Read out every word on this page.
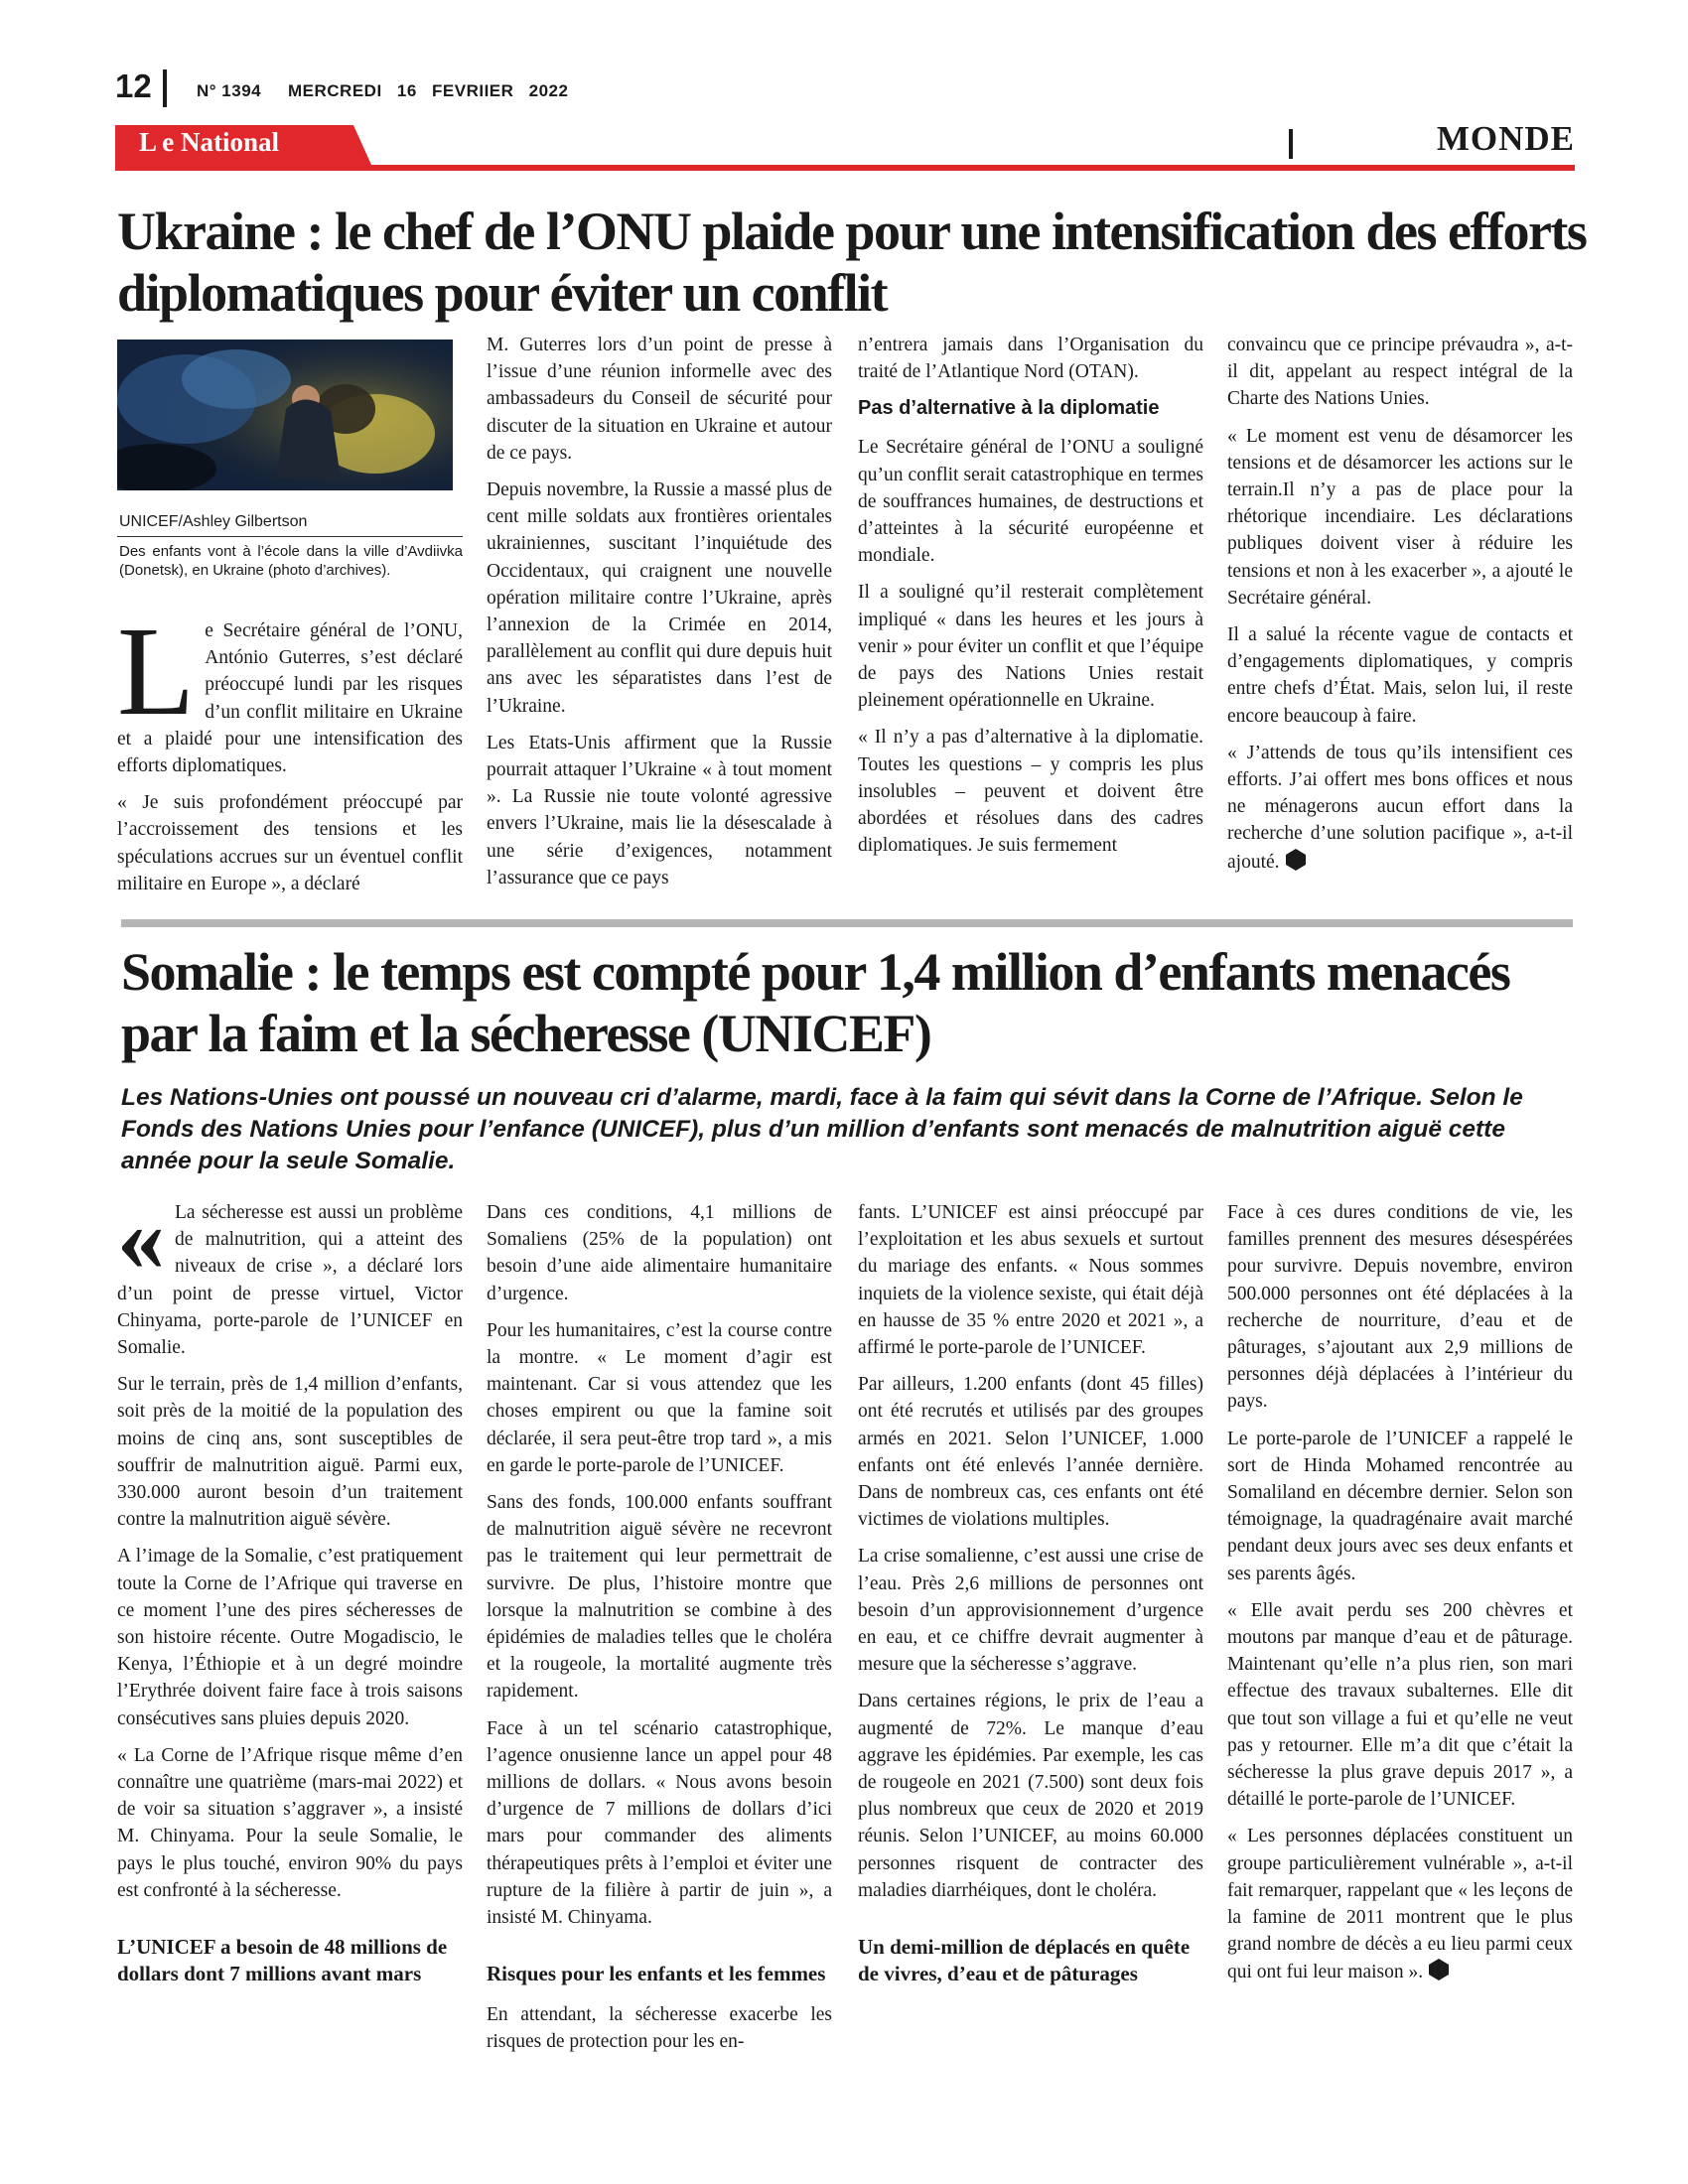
12	N° 1394 MERCREDI 16 FEVRIIER 2022
L e National	MONDE
Ukraine : le chef de l’ONU plaide pour une intensification des efforts diplomatiques pour éviter un conflit
UNICEF/Ashley Gilbertson
Des enfants vont à l’école dans la ville d’Avdiivka (Donetsk), en Ukraine (photo d’archives).

Le Secrétaire général de l’ONU, António Guterres, s’est déclaré préoccupé lundi par les risques d’un conflit militaire en Ukraine et a plaidé pour une intensification des efforts diplomatiques.

« Je suis profondément préoccupé par l’accroissement des tensions et les spéculations accrues sur un éventuel conflit militaire en Europe », a déclaré

M. Guterres lors d’un point de presse à l’issue d’une réunion informelle avec des ambassadeurs du Conseil de sécurité pour discuter de la situation en Ukraine et autour de ce pays.

Depuis novembre, la Russie a massé plus de cent mille soldats aux frontières orientales ukrainiennes, suscitant l’inquiétude des Occidentaux, qui craignent une nouvelle opération militaire contre l’Ukraine, après l’annexion de la Crimée en 2014, parallèlement au conflit qui dure depuis huit ans avec les séparatistes dans l’est de l’Ukraine.

Les Etats-Unis affirment que la Russie pourrait attaquer l’Ukraine « à tout moment ». La Russie nie toute volonté agressive envers l’Ukraine, mais lie la désescalade à une série d’exigences, notamment l’assurance que ce pays

n’entrera jamais dans l’Organisation du traité de l’Atlantique Nord (OTAN).

Pas d’alternative à la diplomatie

Le Secrétaire général de l’ONU a souligné qu’un conflit serait catastrophique en termes de souffrances humaines, de destructions et d’atteintes à la sécurité européenne et mondiale.

Il a souligné qu’il resterait complètement impliqué « dans les heures et les jours à venir » pour éviter un conflit et que l’équipe de pays des Nations Unies restait pleinement opérationnelle en Ukraine.

« Il n’y a pas d’alternative à la diplomatie. Toutes les questions – y compris les plus insolubles – peuvent et doivent être abordées et résolues dans des cadres diplomatiques. Je suis fermement

convaincu que ce principe prévaudra », a-t-il dit, appelant au respect intégral de la Charte des Nations Unies.

« Le moment est venu de désamorcer les tensions et de désamorcer les actions sur le terrain.Il n’y a pas de place pour la rhétorique incendiaire. Les déclarations publiques doivent viser à réduire les tensions et non à les exacerber », a ajouté le Secrétaire général.

Il a salué la récente vague de contacts et d’engagements diplomatiques, y compris entre chefs d’État. Mais, selon lui, il reste encore beaucoup à faire.

« J’attends de tous qu’ils intensifient ces efforts. J’ai offert mes bons offices et nous ne ménagerons aucun effort dans la recherche d’une solution pacifique », a-t-il ajouté.

Somalie : le temps est compté pour 1,4 million d’enfants menacés par la faim et la sécheresse (UNICEF)
Les Nations-Unies ont poussé un nouveau cri d’alarme, mardi, face à la faim qui sévit dans la Corne de l’Afrique. Selon le Fonds des Nations Unies pour l’enfance (UNICEF), plus d’un million d’enfants sont menacés de malnutrition aiguë cette année pour la seule Somalie.

« La sécheresse est aussi un problème de malnutrition, qui a atteint des niveaux de crise », a déclaré lors d’un point de presse virtuel, Victor Chinyama, porte-parole de l’UNICEF en Somalie.

Sur le terrain, près de 1,4 million d’enfants, soit près de la moitié de la population des moins de cinq ans, sont susceptibles de souffrir de malnutrition aiguë. Parmi eux, 330.000 auront besoin d’un traitement contre la malnutrition aiguë sévère.

A l’image de la Somalie, c’est pratiquement toute la Corne de l’Afrique qui traverse en ce moment l’une des pires sécheresses de son histoire récente. Outre Mogadiscio, le Kenya, l’Éthiopie et à un degré moindre l’Erythrée doivent faire face à trois saisons consécutives sans pluies depuis 2020.

« La Corne de l’Afrique risque même d’en connaître une quatrième (mars-mai 2022) et de voir sa situation s’aggraver », a insisté M. Chinyama. Pour la seule Somalie, le pays le plus touché, environ 90% du pays est confronté à la sécheresse.

L’UNICEF a besoin de 48 millions de dollars dont 7 millions avant mars

Dans ces conditions, 4,1 millions de Somaliens (25% de la population) ont besoin d’une aide alimentaire humanitaire d’urgence.

Pour les humanitaires, c’est la course contre la montre. « Le moment d’agir est maintenant. Car si vous attendez que les choses empirent ou que la famine soit déclarée, il sera peut-être trop tard », a mis en garde le porte-parole de l’UNICEF.

Sans des fonds, 100.000 enfants souffrant de malnutrition aiguë sévère ne recevront pas le traitement qui leur permettrait de survivre. De plus, l’histoire montre que lorsque la malnutrition se combine à des épidémies de maladies telles que le choléra et la rougeole, la mortalité augmente très rapidement.

Face à un tel scénario catastrophique, l’agence onusienne lance un appel pour 48 millions de dollars. « Nous avons besoin d’urgence de 7 millions de dollars d’ici mars pour commander des aliments thérapeutiques prêts à l’emploi et éviter une rupture de la filière à partir de juin », a insisté M. Chinyama.

Risques pour les enfants et les femmes

En attendant, la sécheresse exacerbe les risques de protection pour les en-

fants. L’UNICEF est ainsi préoccupé par l’exploitation et les abus sexuels et surtout du mariage des enfants. « Nous sommes inquiets de la violence sexiste, qui était déjà en hausse de 35 % entre 2020 et 2021 », a affirmé le porte-parole de l’UNICEF.

Par ailleurs, 1.200 enfants (dont 45 filles) ont été recrutés et utilisés par des groupes armés en 2021. Selon l’UNICEF, 1.000 enfants ont été enlevés l’année dernière. Dans de nombreux cas, ces enfants ont été victimes de violations multiples.

La crise somalienne, c’est aussi une crise de l’eau. Près 2,6 millions de personnes ont besoin d’un approvisionnement d’urgence en eau, et ce chiffre devrait augmenter à mesure que la sécheresse s’aggrave.

Dans certaines régions, le prix de l’eau a augmenté de 72%. Le manque d’eau aggrave les épidémies. Par exemple, les cas de rougeole en 2021 (7.500) sont deux fois plus nombreux que ceux de 2020 et 2019 réunis. Selon l’UNICEF, au moins 60.000 personnes risquent de contracter des maladies diarrhéiques, dont le choléra.

Un demi-million de déplacés en quête de vivres, d’eau et de pâturages

Face à ces dures conditions de vie, les familles prennent des mesures désespérées pour survivre. Depuis novembre, environ 500.000 personnes ont été déplacées à la recherche de nourriture, d’eau et de pâturages, s’ajoutant aux 2,9 millions de personnes déjà déplacées à l’intérieur du pays.

Le porte-parole de l’UNICEF a rappelé le sort de Hinda Mohamed rencontrée au Somaliland en décembre dernier. Selon son témoignage, la quadragénaire avait marché pendant deux jours avec ses deux enfants et ses parents âgés.

« Elle avait perdu ses 200 chèvres et moutons par manque d’eau et de pâturage. Maintenant qu’elle n’a plus rien, son mari effectue des travaux subalternes. Elle dit que tout son village a fui et qu’elle ne veut pas y retourner. Elle m’a dit que c’était la sécheresse la plus grave depuis 2017 », a détaillé le porte-parole de l’UNICEF.

« Les personnes déplacées constituent un groupe particulièrement vulnérable », a-t-il fait remarquer, rappelant que « les leçons de la famine de 2011 montrent que le plus grand nombre de décès a eu lieu parmi ceux qui ont fui leur maison ».
